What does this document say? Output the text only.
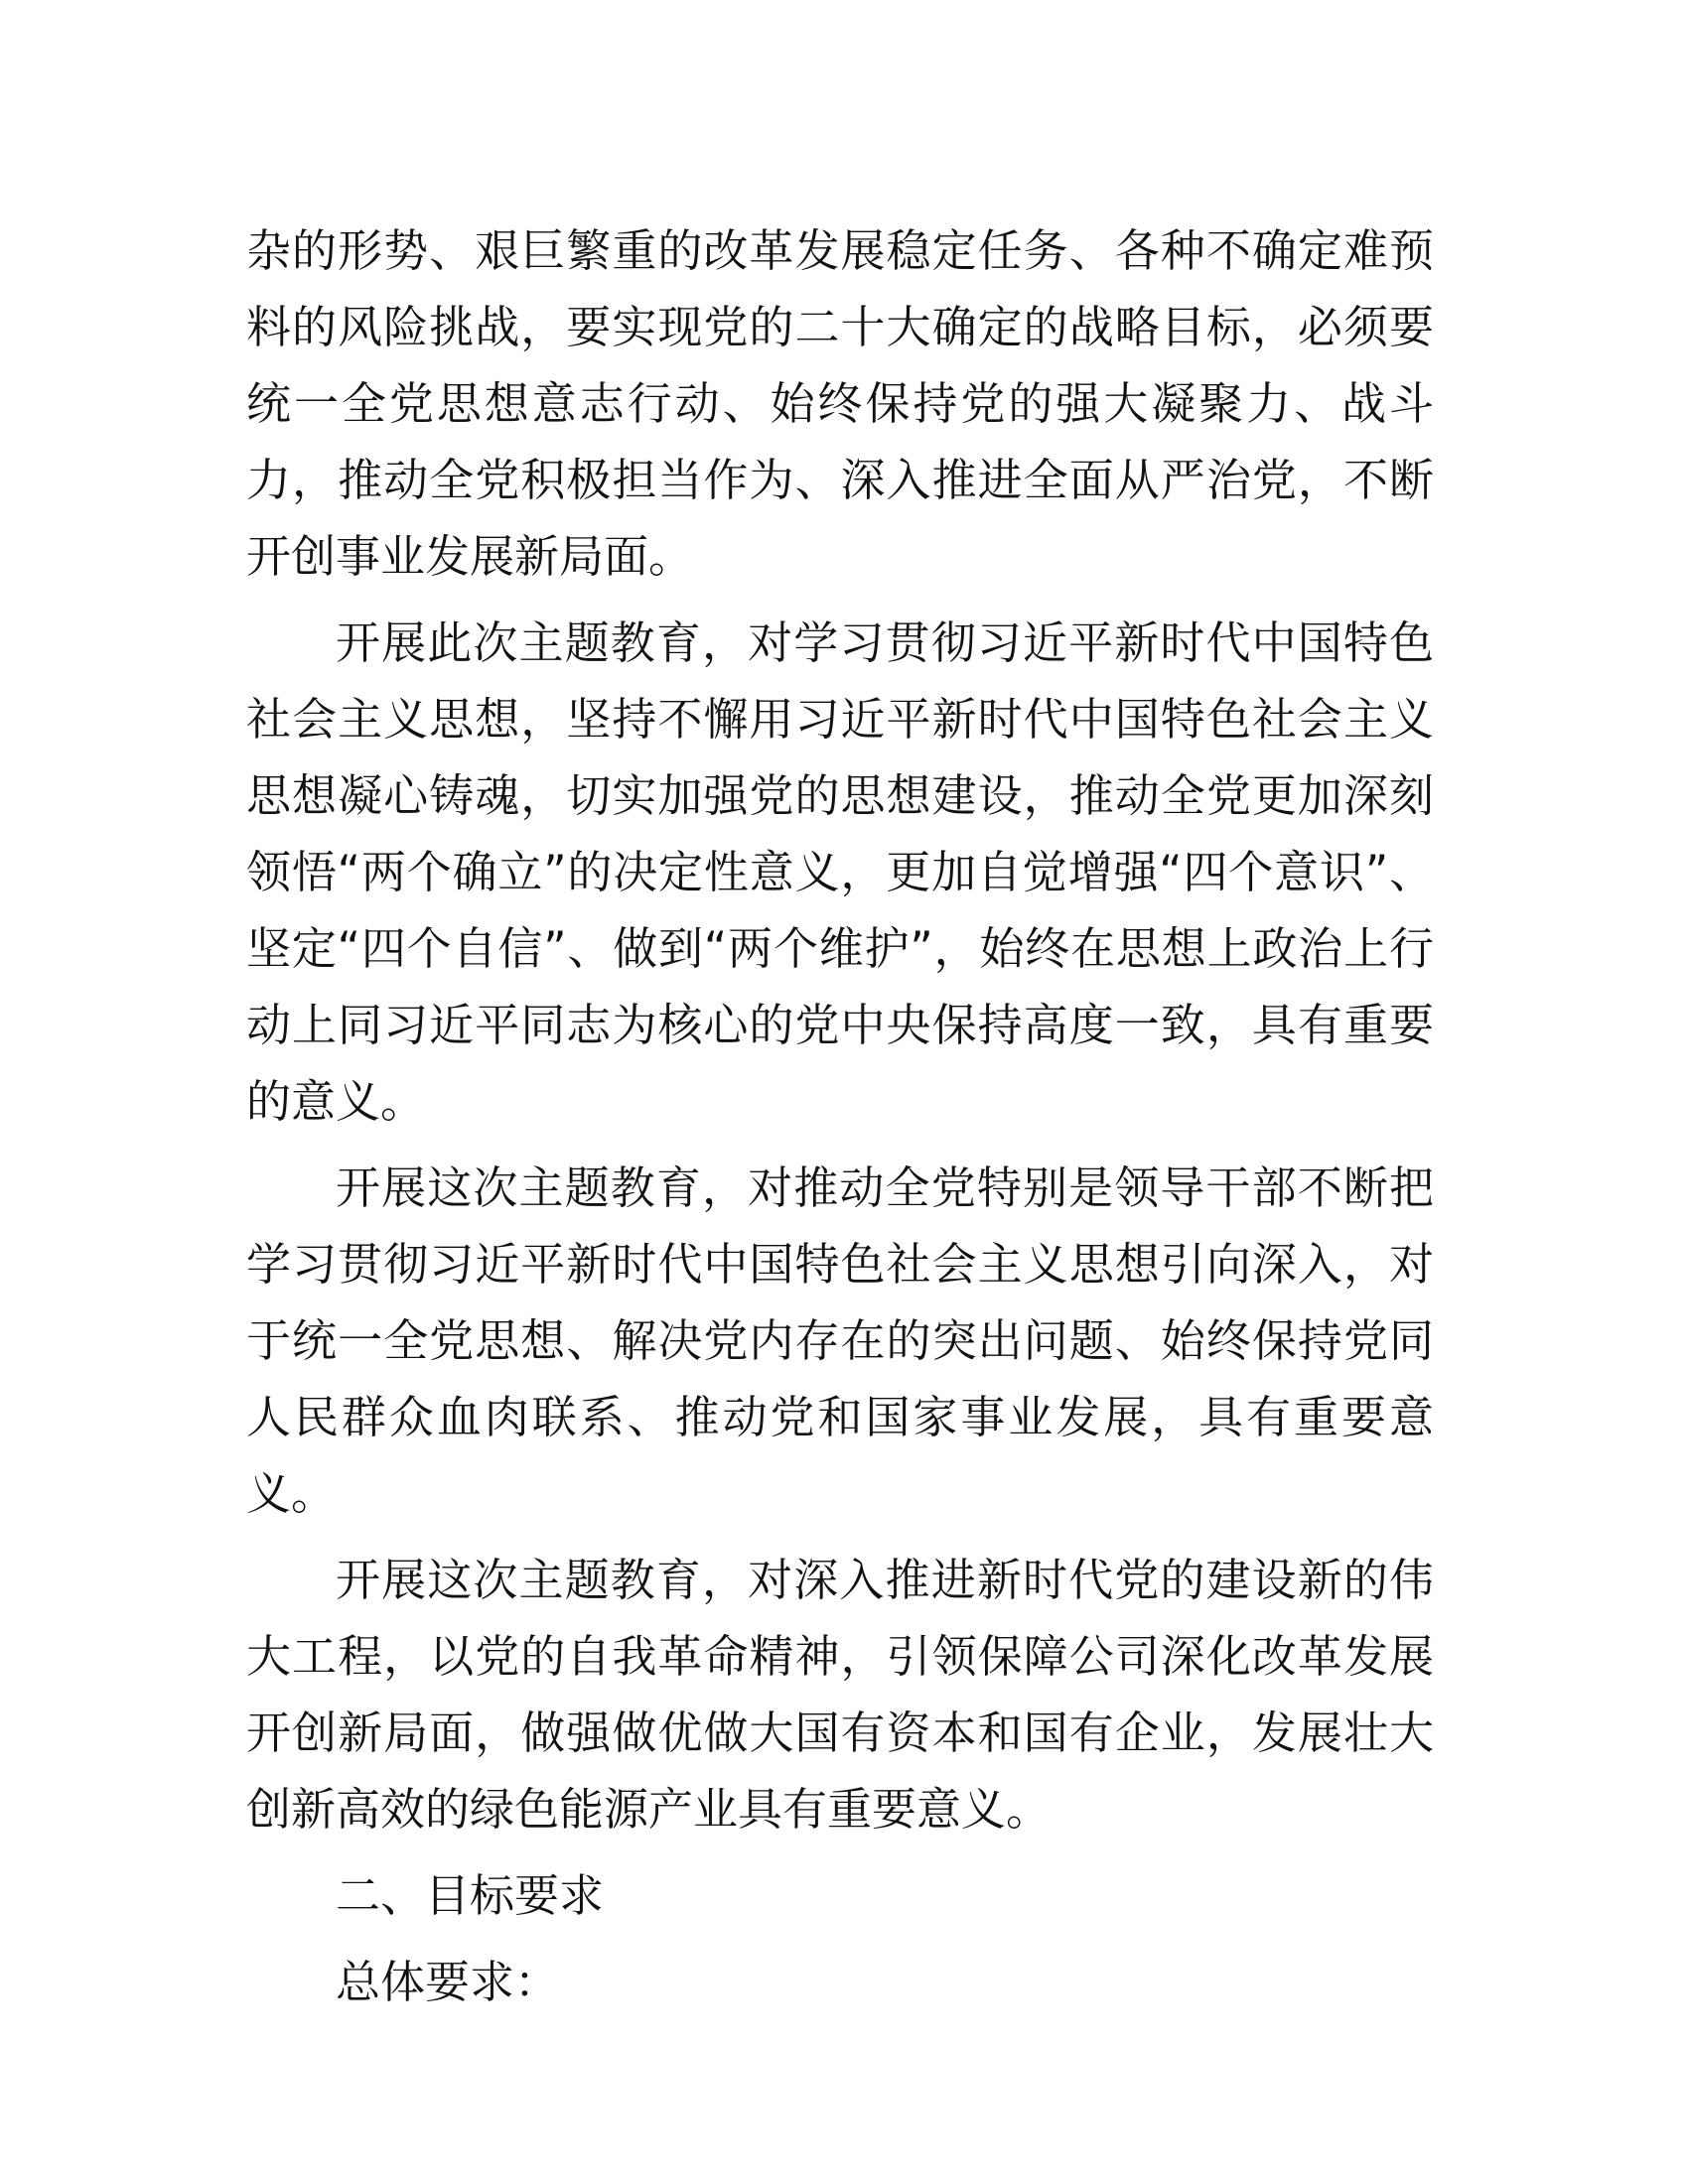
杂的形势、艰巨繁重的改革发展稳定任务、各种不确定难预料的风险挑战，要实现党的二十大确定的战略目标，必须要统一全党思想意志行动、始终保持党的强大凝聚力、战斗力，推动全党积极担当作为、深入推进全面从严治党，不断开创事业发展新局面。

开展此次主题教育，对学习贯彻习近平新时代中国特色社会主义思想，坚持不懈用习近平新时代中国特色社会主义思想凝心铸魂，切实加强党的思想建设，推动全党更加深刻领悟“两个确立”的决定性意义，更加自觉增强“四个意识”、坚定“四个自信”、做到“两个维护”，始终在思想上政治上行动上同习近平同志为核心的党中央保持高度一致，具有重要的意义。

开展这次主题教育，对推动全党特别是领导干部不断把学习贯彻习近平新时代中国特色社会主义思想引向深入，对于统一全党思想、解决党内存在的突出问题、始终保持党同人民群众血肉联系、推动党和国家事业发展，具有重要意义。

开展这次主题教育，对深入推进新时代党的建设新的伟大工程，以党的自我革命精神，引领保障公司深化改革发展开创新局面，做强做优做大国有资本和国有企业，发展壮大创新高效的绿色能源产业具有重要意义。

二、目标要求

总体要求：
